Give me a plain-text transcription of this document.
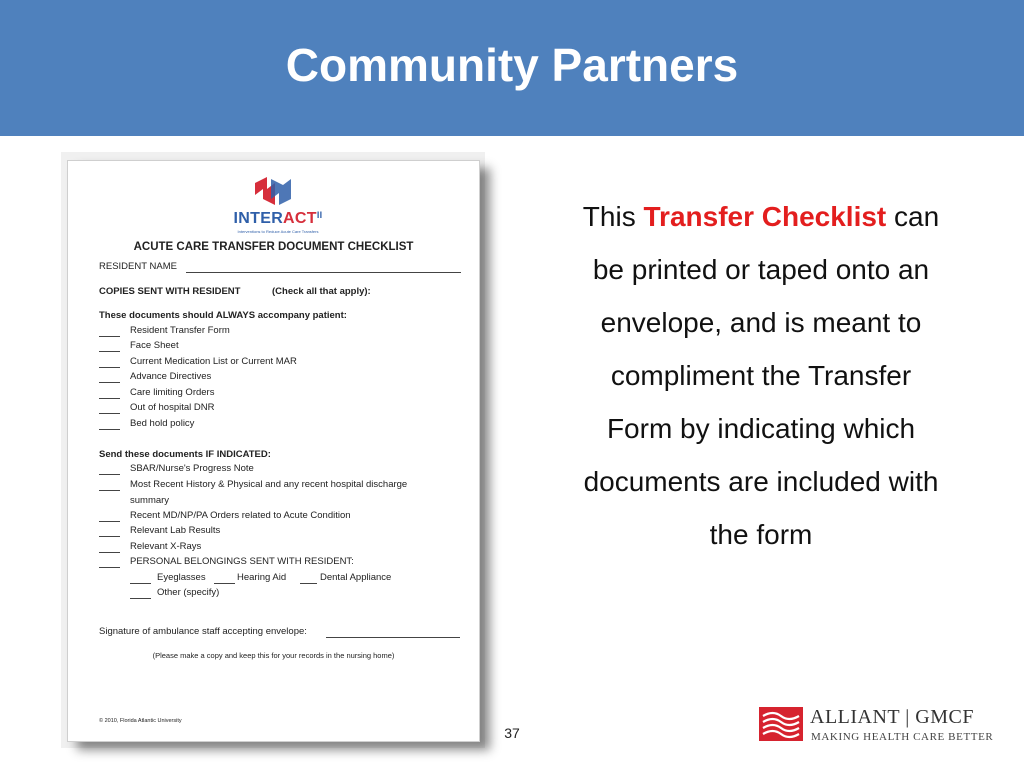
Community Partners
$INTERACT^{II}$
Interventions to Reduce Acute Care Transfers
ACUTE CARE TRANSFER DOCUMENT CHECKLIST
RESIDENT NAME
COPIES SENT WITH RESIDENT	(Check all that apply):
These documents should ALWAYS accompany patient:
Resident Transfer Form
Face Sheet
Current Medication List or Current MAR
Advance Directives
Care limiting Orders
Out of hospital DNR
Bed hold policy
Send these documents IF INDICATED:
SBAR/Nurse's Progress Note
Most Recent History & Physical and any recent hospital discharge
summary
Recent MD/NP/PA Orders related to Acute Condition
Relevant Lab Results
Relevant X-Rays
PERSONAL BELONGINGS SENT WITH RESIDENT:
Eyeglasses	Hearing Aid	Dental Appliance
Other (specify)
Signature of ambulance staff accepting envelope:
(Please make a copy and keep this for your records in the nursing home)
© 2010, Florida Atlantic University
This Transfer Checklist can be printed or taped onto an envelope, and is meant to compliment the Transfer Form by indicating which documents are included with the form
37
ALLIANT | GMCF
MAKING HEALTH CARE BETTER
